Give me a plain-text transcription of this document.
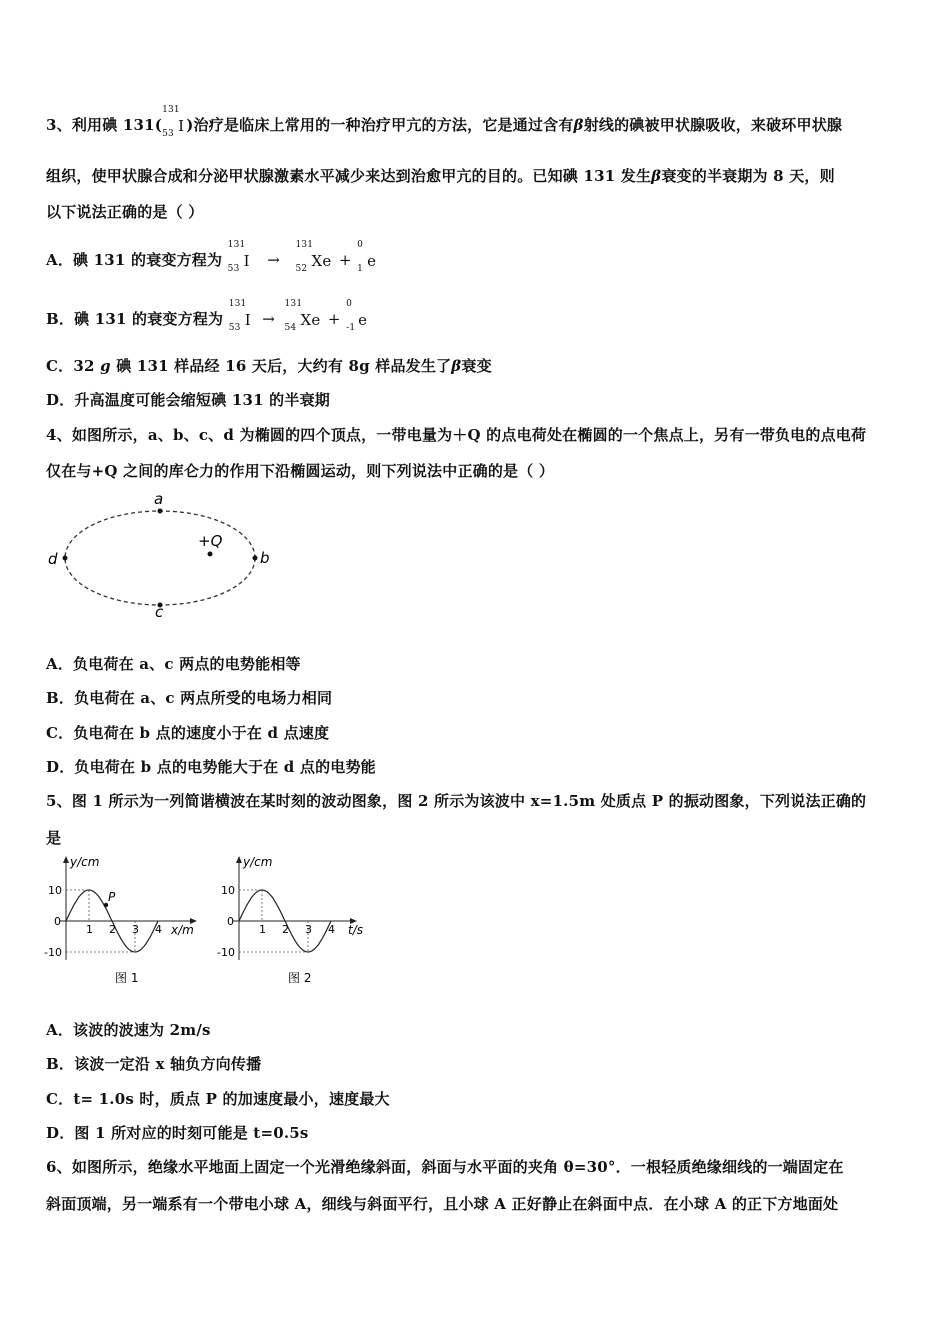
3、利用碘 131(
131
53 I )治疗是临床上常用的一种治疗甲亢的方法，它是通过含有β射线的碘被甲状腺吸收，来破环甲状腺
组织，使甲状腺合成和分泌甲状腺激素水平减少来达到治愈甲亢的目的。已知碘 131 发生β衰变的半衰期为 8 天，则
以下说法正确的是（ ）
A．碘 131 的衰变方程为
131
53 I →
131
52 Xe +
0
1 e
B．碘 131 的衰变方程为
131
53 I →
131
54 Xe +
0
-1 e
C．32 g 碘 131 样品经 16 天后，大约有 8g 样品发生了β衰变
D．升高温度可能会缩短碘 131 的半衰期
4、如图所示，a、b、c、d 为椭圆的四个顶点，一带电量为＋Q 的点电荷处在椭圆的一个焦点上，另有一带负电的点电荷
仅在与+Q 之间的库仑力的作用下沿椭圆运动，则下列说法中正确的是（ ）
a
b
c
d
+Q
A．负电荷在 a、c 两点的电势能相等
B．负电荷在 a、c 两点所受的电场力相同
C．负电荷在 b 点的速度小于在 d 点速度
D．负电荷在 b 点的电势能大于在 d 点的电势能
5、图 1 所示为一列简谐横波在某时刻的波动图象，图 2 所示为该波中 x=1.5m 处质点 P 的振动图象，下列说法正确的
是
P
y/cm
x/m
10
0
-10
1 2 3 4
图 1
y/cm
t/s
10
0
-10
1 2 3 4
图 2
A．该波的波速为 2m/s
B．该波一定沿 x 轴负方向传播
C．t= 1.0s 时，质点 P 的加速度最小，速度最大
D．图 1 所对应的时刻可能是 t=0.5s
6、如图所示，绝缘水平地面上固定一个光滑绝缘斜面，斜面与水平面的夹角 θ=30°．一根轻质绝缘细线的一端固定在
斜面顶端，另一端系有一个带电小球 A，细线与斜面平行，且小球 A 正好静止在斜面中点．在小球 A 的正下方地面处
